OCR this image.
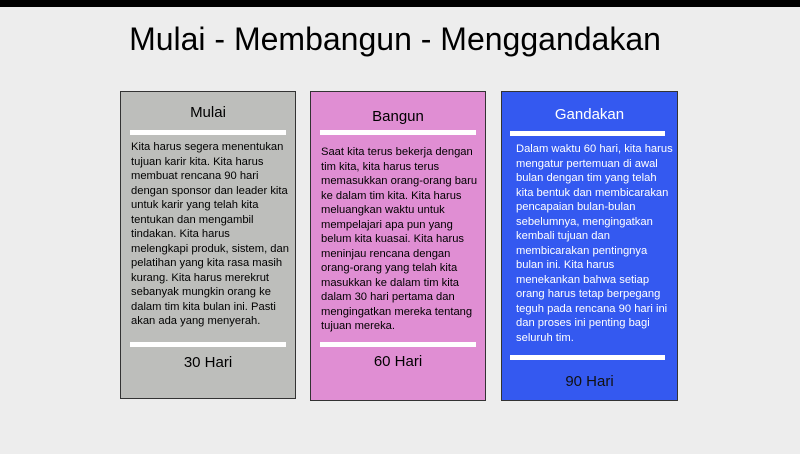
Mulai - Membangun - Menggandakan
Mulai
Kita harus segera menentukan tujuan karir kita. Kita harus membuat rencana 90 hari dengan sponsor dan leader kita untuk karir yang telah kita tentukan dan mengambil tindakan. Kita harus melengkapi produk, sistem, dan pelatihan yang kita rasa masih kurang. Kita harus merekrut sebanyak mungkin orang ke dalam tim kita bulan ini. Pasti akan ada yang menyerah.
30 Hari
Bangun
Saat kita terus bekerja dengan tim kita, kita harus terus memasukkan orang-orang baru ke dalam tim kita. Kita harus meluangkan waktu untuk mempelajari apa pun yang belum kita kuasai. Kita harus meninjau rencana dengan orang-orang yang telah kita masukkan ke dalam tim kita dalam 30 hari pertama dan mengingatkan mereka tentang tujuan mereka.
60 Hari
Gandakan
Dalam waktu 60 hari, kita harus mengatur pertemuan di awal bulan dengan tim yang telah kita bentuk dan membicarakan pencapaian bulan-bulan sebelumnya, mengingatkan kembali tujuan dan membicarakan pentingnya bulan ini. Kita harus menekankan bahwa setiap orang harus tetap berpegang teguh pada rencana 90 hari ini dan proses ini penting bagi seluruh tim.
90 Hari
